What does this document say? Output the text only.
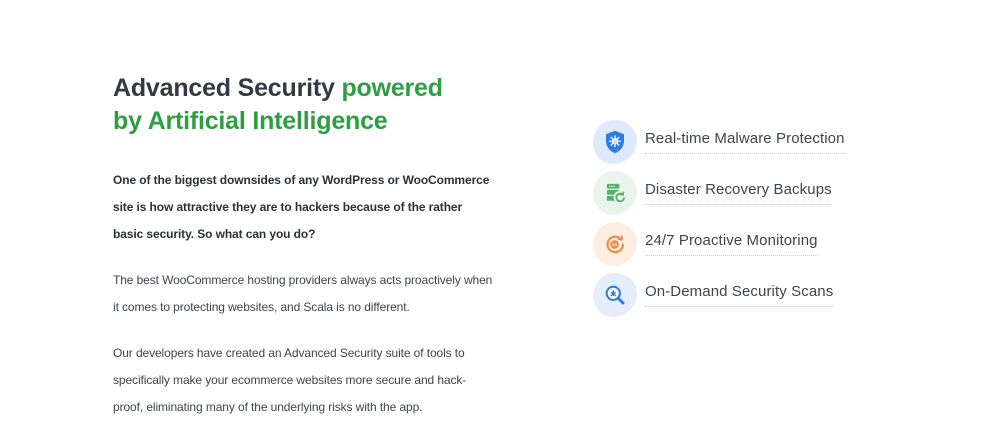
Advanced Security powered
by Artificial Intelligence

One of the biggest downsides of any WordPress or WooCommerce site is how attractive they are to hackers because of the rather basic security. So what can you do?

The best WooCommerce hosting providers always acts proactively when it comes to protecting websites, and Scala is no different.

Our developers have created an Advanced Security suite of tools to specifically make your ecommerce websites more secure and hack-proof, eliminating many of the underlying risks with the app.

Real-time Malware Protection
Disaster Recovery Backups
24 24/7 Proactive Monitoring
On-Demand Security Scans
